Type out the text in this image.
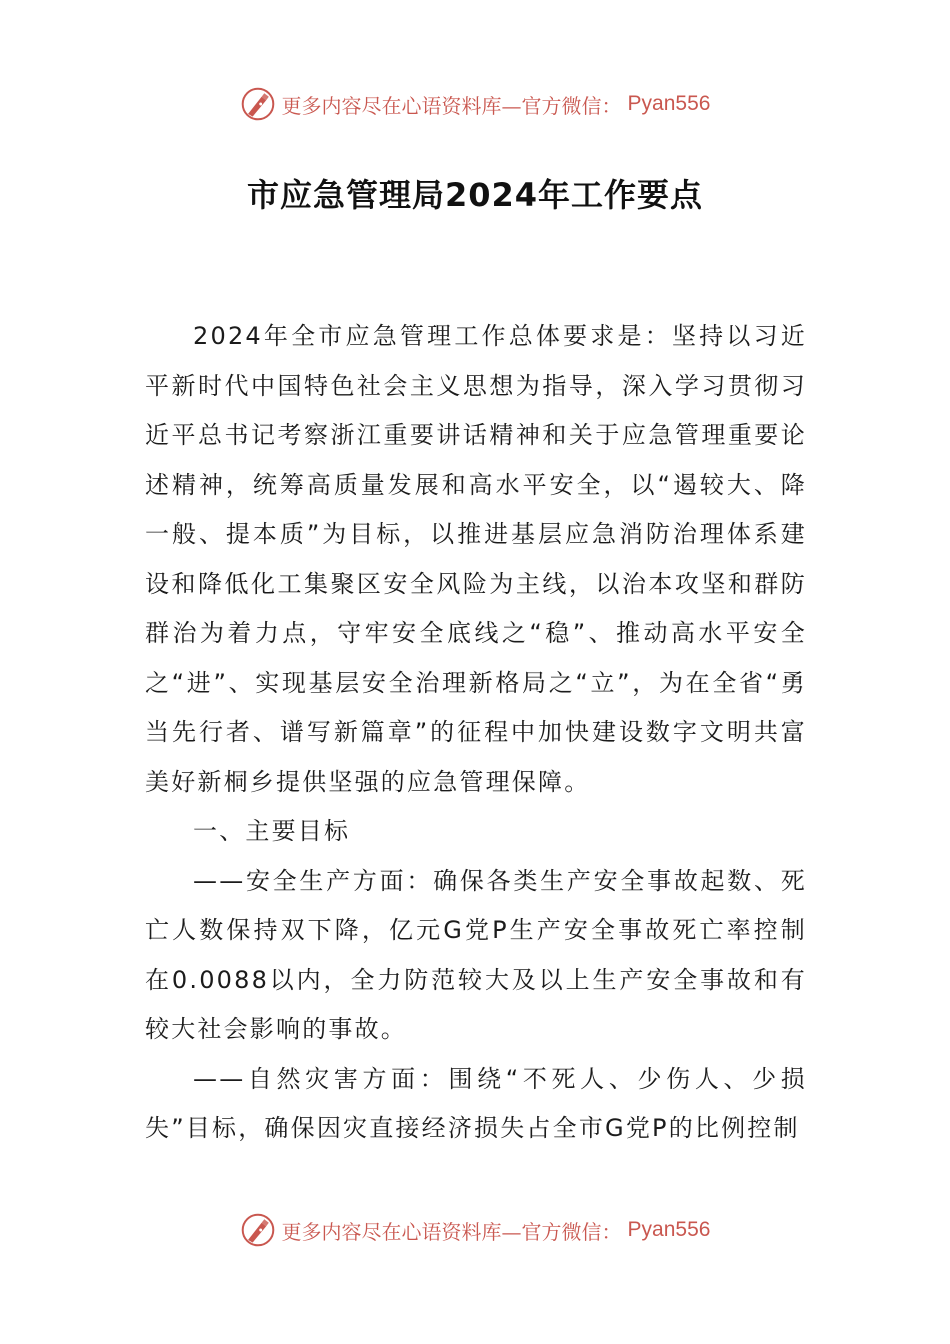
更多内容尽在心语资料库—官方微信： Pyan556
市应急管理局2024年工作要点

2024年全市应急管理工作总体要求是：坚持以习近平新时代中国特色社会主义思想为指导，深入学习贯彻习近平总书记考察浙江重要讲话精神和关于应急管理重要论述精神，统筹高质量发展和高水平安全，以“遏较大、降一般、提本质”为目标，以推进基层应急消防治理体系建设和降低化工集聚区安全风险为主线，以治本攻坚和群防群治为着力点，守牢安全底线之“稳”、推动高水平安全之“进”、实现基层安全治理新格局之“立”，为在全省“勇当先行者、谱写新篇章”的征程中加快建设数字文明共富美好新桐乡提供坚强的应急管理保障。

一、主要目标

——安全生产方面：确保各类生产安全事故起数、死亡人数保持双下降，亿元G党P生产安全事故死亡率控制在0.0088以内，全力防范较大及以上生产安全事故和有较大社会影响的事故。

——自然灾害方面：围绕“不死人、少伤人、少损失”目标，确保因灾直接经济损失占全市G党P的比例控制

更多内容尽在心语资料库—官方微信： Pyan556
